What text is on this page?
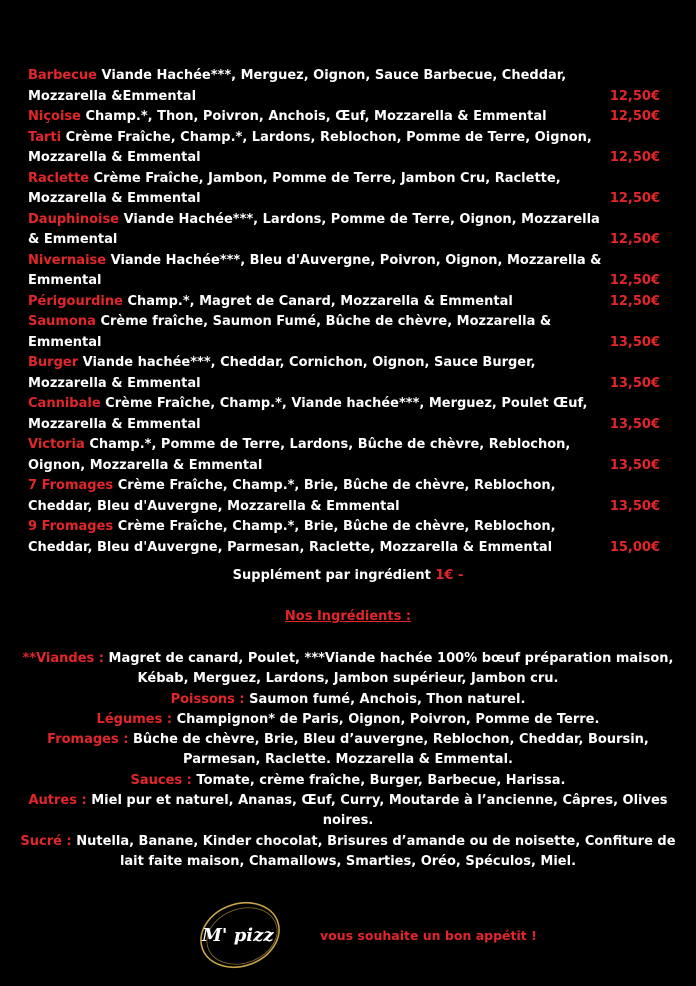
Barbecue Viande Hachée***, Merguez, Oignon, Sauce Barbecue, Cheddar, Mozzarella &Emmental	12,50€
Niçoise Champ.*, Thon, Poivron, Anchois, Œuf, Mozzarella & Emmental	12,50€
Tarti Crème Fraîche, Champ.*, Lardons, Reblochon, Pomme de Terre, Oignon, Mozzarella & Emmental	12,50€
Raclette Crème Fraîche, Jambon, Pomme de Terre, Jambon Cru, Raclette, Mozzarella & Emmental	12,50€
Dauphinoise Viande Hachée***, Lardons, Pomme de Terre, Oignon, Mozzarella & Emmental	12,50€
Nivernaise Viande Hachée***, Bleu d'Auvergne, Poivron, Oignon, Mozzarella & Emmental	12,50€
Périgourdine Champ.*, Magret de Canard, Mozzarella & Emmental	12,50€
Saumona Crème fraîche, Saumon Fumé, Bûche de chèvre, Mozzarella & Emmental	13,50€
Burger Viande hachée***, Cheddar, Cornichon, Oignon, Sauce Burger, Mozzarella & Emmental	13,50€
Cannibale Crème Fraîche, Champ.*, Viande hachée***, Merguez, Poulet Œuf, Mozzarella & Emmental	13,50€
Victoria Champ.*, Pomme de Terre, Lardons, Bûche de chèvre, Reblochon, Oignon, Mozzarella & Emmental	13,50€
7 Fromages Crème Fraîche, Champ.*, Brie, Bûche de chèvre, Reblochon, Cheddar, Bleu d'Auvergne, Mozzarella & Emmental	13,50€
9 Fromages Crème Fraîche, Champ.*, Brie, Bûche de chèvre, Reblochon, Cheddar, Bleu d'Auvergne, Parmesan, Raclette, Mozzarella & Emmental	15,00€
Supplément par ingrédient 1€ -
Nos Ingrédients :
**Viandes : Magret de canard, Poulet, ***Viande hachée 100% bœuf préparation maison, Kébab, Merguez, Lardons, Jambon supérieur, Jambon cru.
Poissons : Saumon fumé, Anchois, Thon naturel.
Légumes : Champignon* de Paris, Oignon, Poivron, Pomme de Terre.
Fromages : Bûche de chèvre, Brie, Bleu d’auvergne, Reblochon, Cheddar, Boursin, Parmesan, Raclette. Mozzarella & Emmental.
Sauces : Tomate, crème fraîche, Burger, Barbecue, Harissa.
Autres : Miel pur et naturel, Ananas, Œuf, Curry, Moutarde à l’ancienne, Câpres, Olives noires.
Sucré : Nutella, Banane, Kinder chocolat, Brisures d’amande ou de noisette, Confiture de lait faite maison, Chamallows, Smarties, Oréo, Spéculos, Miel.
M' pizz	vous souhaite un bon appétit !
